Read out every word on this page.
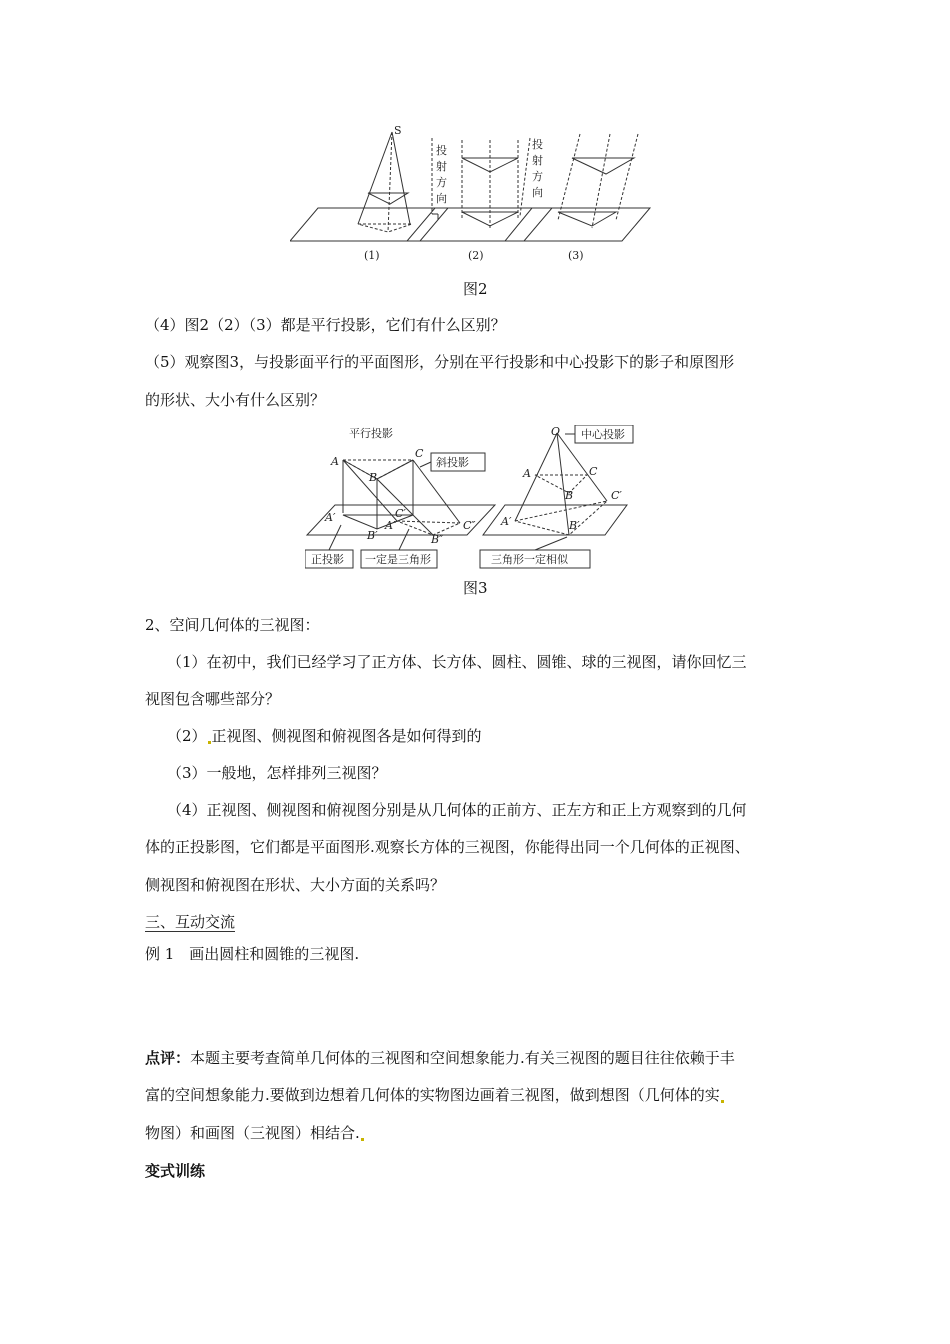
S
投
射
方
向
投
射
方
向
(1)	(2)	(3)
图2
（4）图2（2）（3）都是平行投影，它们有什么区别？
（5）观察图3，与投影面平行的平面图形，分别在平行投影和中心投影下的影子和原图形
的形状、大小有什么区别？
平行投影
斜投影
正投影 一定是三角形
中心投影
三角形一定相似
A
B
C
A′
B′
C′
A″
B″
C″
O
A
B
C
A′	B′
C′
图3
2、空间几何体的三视图：
（1）在初中，我们已经学习了正方体、长方体、圆柱、圆锥、球的三视图，请你回忆三
视图包含哪些部分？
（2） 正视图、侧视图和俯视图各是如何得到的
（3）一般地，怎样排列三视图？
（4）正视图、侧视图和俯视图分别是从几何体的正前方、正左方和正上方观察到的几何
体的正投影图，它们都是平面图形.观察长方体的三视图，你能得出同一个几何体的正视图、
侧视图和俯视图在形状、大小方面的关系吗？
三、互动交流
例 1　画出圆柱和圆锥的三视图.
点评：本题主要考查简单几何体的三视图和空间想象能力.有关三视图的题目往往依赖于丰
富的空间想象能力.要做到边想着几何体的实物图边画着三视图，做到想图（几何体的实
物图）和画图（三视图）相结合.
变式训练
